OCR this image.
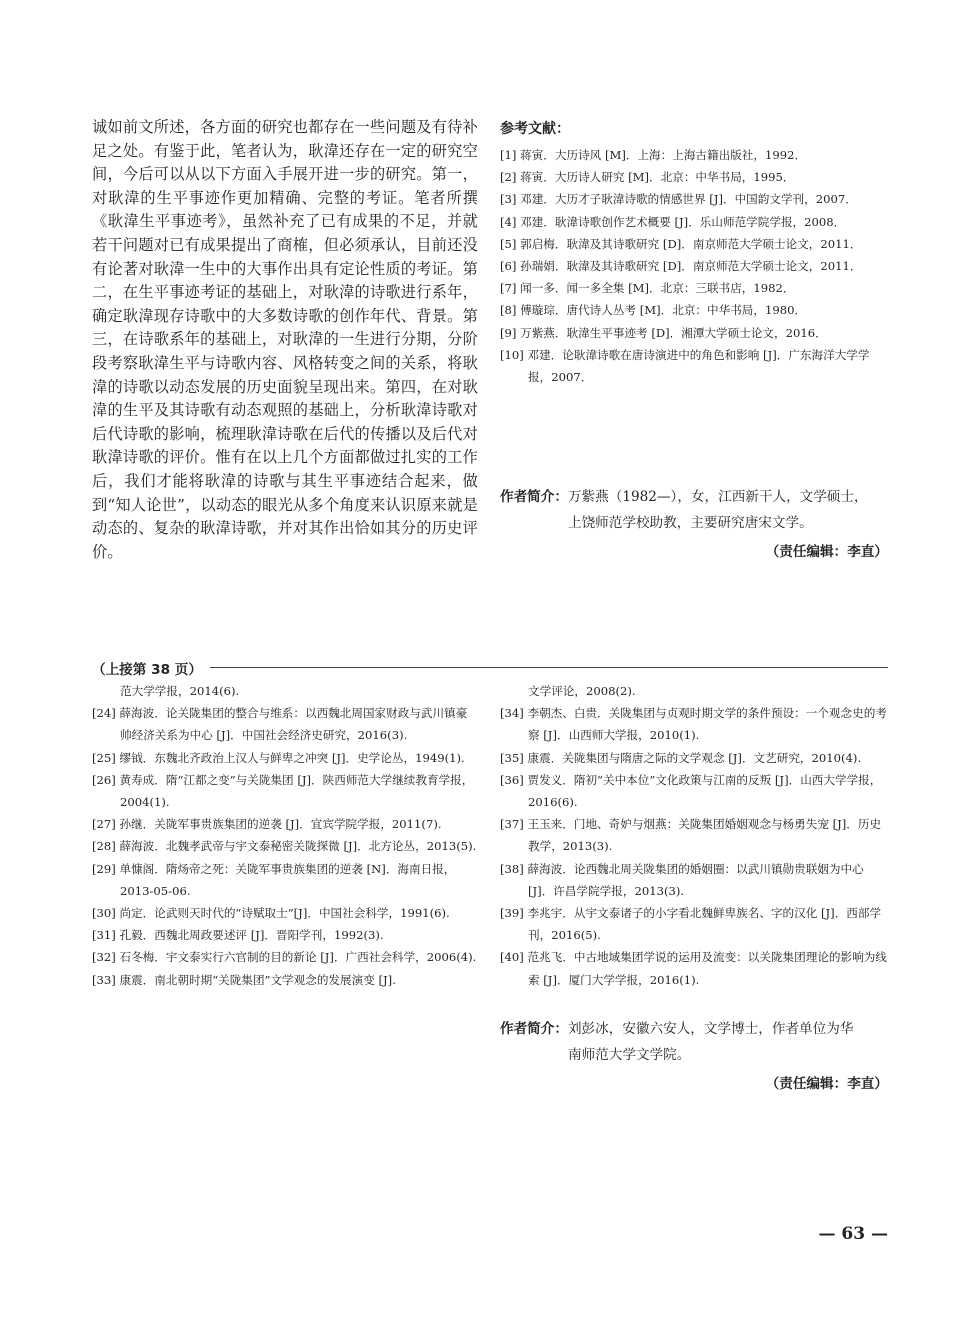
诚如前文所述，各方面的研究也都存在一些问题及有待补足之处。有鉴于此，笔者认为，耿湋还存在一定的研究空间，今后可以从以下方面入手展开进一步的研究。第一，对耿湋的生平事迹作更加精确、完整的考证。笔者所撰《耿湋生平事迹考》，虽然补充了已有成果的不足，并就若干问题对已有成果提出了商榷，但必须承认，目前还没有论著对耿湋一生中的大事作出具有定论性质的考证。第二，在生平事迹考证的基础上，对耿湋的诗歌进行系年，确定耿湋现存诗歌中的大多数诗歌的创作年代、背景。第三，在诗歌系年的基础上，对耿湋的一生进行分期，分阶段考察耿湋生平与诗歌内容、风格转变之间的关系，将耿湋的诗歌以动态发展的历史面貌呈现出来。第四，在对耿湋的生平及其诗歌有动态观照的基础上，分析耿湋诗歌对后代诗歌的影响，梳理耿湋诗歌在后代的传播以及后代对耿湋诗歌的评价。惟有在以上几个方面都做过扎实的工作后，我们才能将耿湋的诗歌与其生平事迹结合起来，做到“知人论世”，以动态的眼光从多个角度来认识原来就是动态的、复杂的耿湋诗歌，并对其作出恰如其分的历史评价。
参考文献：
[1] 蒋寅．大历诗风 [M]．上海：上海古籍出版社，1992．
[2] 蒋寅．大历诗人研究 [M]．北京：中华书局，1995．
[3] 邓建．大历才子耿湋诗歌的情感世界 [J]．中国韵文学刊，2007．
[4] 邓建．耿湋诗歌创作艺术概要 [J]．乐山师范学院学报，2008．
[5] 郭启梅．耿湋及其诗歌研究 [D]．南京师范大学硕士论文，2011．
[6] 孙瑞娟．耿湋及其诗歌研究 [D]．南京师范大学硕士论文，2011．
[7] 闻一多．闻一多全集 [M]．北京：三联书店，1982．
[8] 傅璇琮．唐代诗人丛考 [M]．北京：中华书局，1980．
[9] 万紫燕．耿湋生平事迹考 [D]．湘潭大学硕士论文，2016．
[10] 邓建．论耿湋诗歌在唐诗演进中的角色和影响 [J]．广东海洋大学学报，2007．
作者简介：万紫燕（1982—），女，江西新干人，文学硕士，
上饶师范学校助教，主要研究唐宋文学。
（责任编辑：李直）
（上接第 38 页）
范大学学报，2014(6).
[24] 薛海波．论关陇集团的整合与维系：以西魏北周国家财政与武川镇豪帅经济关系为中心 [J]．中国社会经济史研究，2016(3).
[25] 缪钺．东魏北齐政治上汉人与鲜卑之冲突 [J]．史学论丛，1949(1).
[26] 黄寿成．隋“江都之变”与关陇集团 [J]．陕西师范大学继续教育学报，2004(1).
[27] 孙继．关陇军事贵族集团的逆袭 [J]．宜宾学院学报，2011(7).
[28] 薛海波．北魏孝武帝与宇文泰秘密关陇探微 [J]．北方论丛，2013(5).
[29] 单慷阁．隋炀帝之死：关陇军事贵族集团的逆袭 [N]．海南日报，2013-05-06.
[30] 尚定．论武则天时代的“诗赋取士”[J]．中国社会科学，1991(6).
[31] 孔毅．西魏北周政要述评 [J]．晋阳学刊，1992(3).
[32] 石冬梅．宇文泰实行六官制的目的新论 [J]．广西社会科学，2006(4).
[33] 康震．南北朝时期“关陇集团”文学观念的发展演变 [J].
文学评论，2008(2).
[34] 李朝杰、白贵．关陇集团与贞观时期文学的条件预设：一个观念史的考察 [J]．山西师大学报，2010(1).
[35] 康震．关陇集团与隋唐之际的文学观念 [J]．文艺研究，2010(4).
[36] 贾发义．隋初“关中本位”文化政策与江南的反叛 [J]．山西大学学报，2016(6).
[37] 王玉来．门地、奇妒与烟燕：关陇集团婚姻观念与杨勇失宠 [J]．历史教学，2013(3).
[38] 薛海波．论西魏北周关陇集团的婚姻圈：以武川镇勋贵联姻为中心 [J]．许昌学院学报，2013(3).
[39] 李兆宇．从宇文泰诸子的小字看北魏鲜卑族名、字的汉化 [J]．西部学刊，2016(5).
[40] 范兆飞．中古地域集团学说的运用及流变：以关陇集团理论的影响为线索 [J]．厦门大学学报，2016(1).
作者简介：刘彭冰，安徽六安人，文学博士，作者单位为华
南师范大学文学院。
（责任编辑：李直）
— 63 —
